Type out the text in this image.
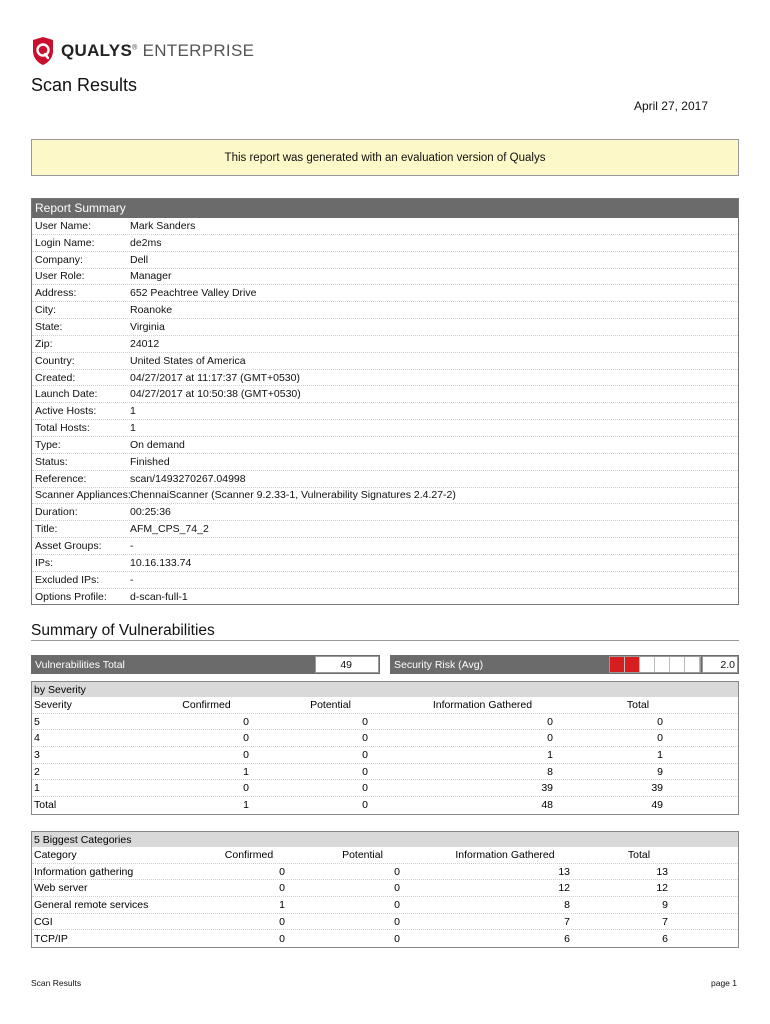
QUALYS® ENTERPRISE
Scan Results
April 27, 2017
This report was generated with an evaluation version of Qualys
Report Summary
User Name:	Mark Sanders
Login Name:	de2ms
Company:	Dell
User Role:	Manager
Address:	652 Peachtree Valley Drive
City:	Roanoke
State:	Virginia
Zip:	24012
Country:	United States of America
Created:	04/27/2017 at 11:17:37 (GMT+0530)
Launch Date:	04/27/2017 at 10:50:38 (GMT+0530)
Active Hosts:	1
Total Hosts:	1
Type:	On demand
Status:	Finished
Reference:	scan/1493270267.04998
Scanner Appliances: ChennaiScanner (Scanner 9.2.33-1, Vulnerability Signatures 2.4.27-2)
Duration:	00:25:36
Title:	AFM_CPS_74_2
Asset Groups:	-
IPs:	10.16.133.74
Excluded IPs:	-
Options Profile:	d-scan-full-1
Summary of Vulnerabilities
Vulnerabilities Total	49	Security Risk (Avg)	2.0
by Severity
Severity	Confirmed	Potential	Information Gathered	Total
5	0	0	0	0
4	0	0	0	0
3	0	0	1	1
2	1	0	8	9
1	0	0	39	39
Total	1	0	48	49
5 Biggest Categories
Category	Confirmed	Potential	Information Gathered	Total
Information gathering	0	0	13	13
Web server	0	0	12	12
General remote services	1	0	8	9
CGI	0	0	7	7
TCP/IP	0	0	6	6
Scan Results	page 1
